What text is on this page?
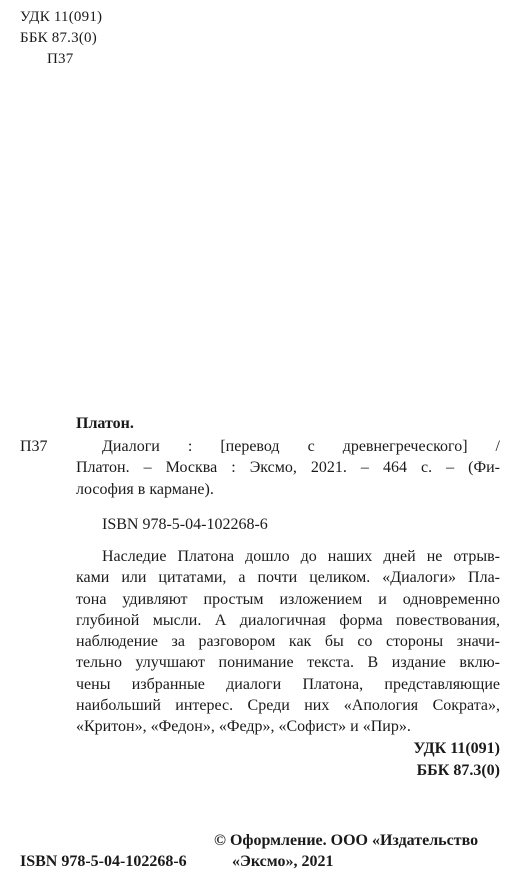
УДК 11(091)
ББК 87.3(0)
П37
Платон.
П37	Диалоги : [перевод с древнегреческого] /
Платон. – Москва : Эксмо, 2021. – 464 с. – (Фи-
лософия в кармане).
ISBN 978-5-04-102268-6
Наследие Платона дошло до наших дней не отрыв-
ками или цитатами, а почти целиком. «Диалоги» Пла-
тона удивляют простым изложением и одновременно
глубиной мысли. А диалогичная форма повествования,
наблюдение за разговором как бы со стороны значи-
тельно улучшают понимание текста. В издание вклю-
чены избранные диалоги Платона, представляющие
наибольший интерес. Среди них «Апология Сократа»,
«Критон», «Федон», «Федр», «Софист» и «Пир».
УДК 11(091)
ББК 87.3(0)
© Оформление. ООО «Издательство
«Эксмо», 2021
ISBN 978-5-04-102268-6
